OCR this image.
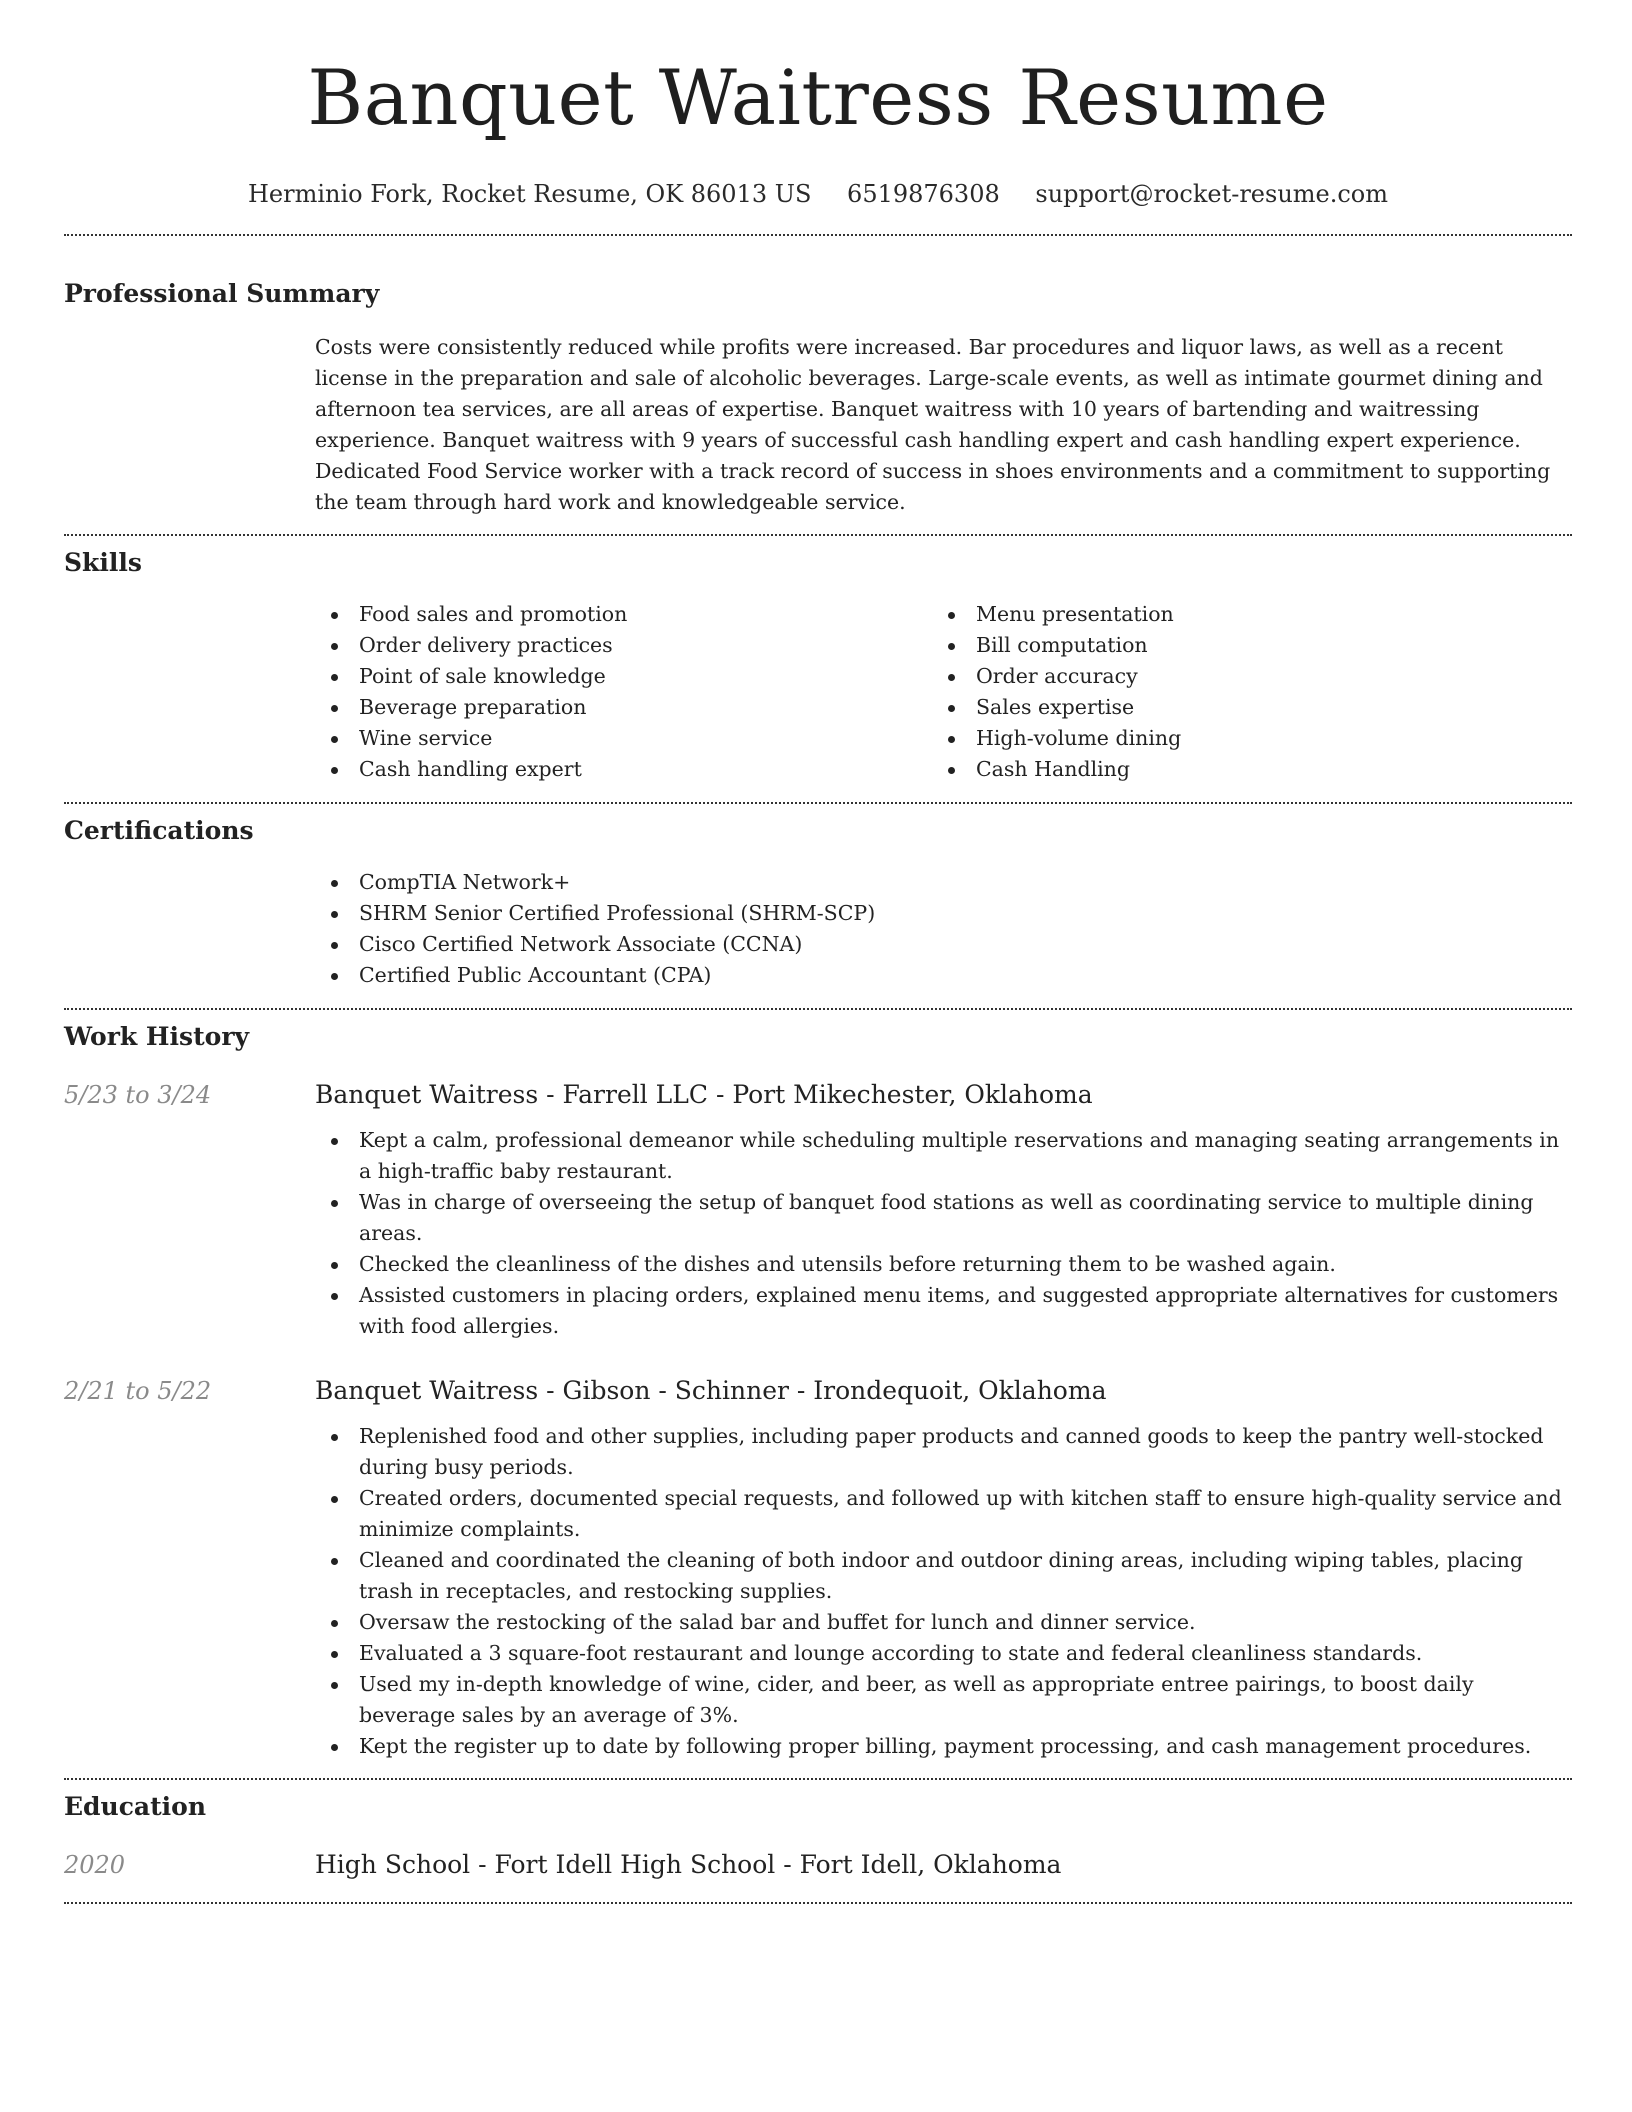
Banquet Waitress Resume
Herminio Fork, Rocket Resume, OK 86013 US 6519876308 support@rocket-resume.com
Professional Summary

Costs were consistently reduced while profits were increased. Bar procedures and liquor laws, as well as a recent license in the preparation and sale of alcoholic beverages. Large-scale events, as well as intimate gourmet dining and afternoon tea services, are all areas of expertise. Banquet waitress with 10 years of bartending and waitressing experience. Banquet waitress with 9 years of successful cash handling expert and cash handling expert experience. Dedicated Food Service worker with a track record of success in shoes environments and a commitment to supporting the team through hard work and knowledgeable service.

Skills
Food sales and promotion
Order delivery practices
Point of sale knowledge
Beverage preparation
Wine service
Cash handling expert
Menu presentation
Bill computation
Order accuracy
Sales expertise
High-volume dining
Cash Handling
Certifications
CompTIA Network+
SHRM Senior Certified Professional (SHRM-SCP)
Cisco Certified Network Associate (CCNA)
Certified Public Accountant (CPA)
Work History
5/23 to 3/24	Banquet Waitress - Farrell LLC - Port Mikechester, Oklahoma
Kept a calm, professional demeanor while scheduling multiple reservations and managing seating arrangements in a high-traffic baby restaurant.
Was in charge of overseeing the setup of banquet food stations as well as coordinating service to multiple dining areas.
Checked the cleanliness of the dishes and utensils before returning them to be washed again.
Assisted customers in placing orders, explained menu items, and suggested appropriate alternatives for customers with food allergies.
2/21 to 5/22	Banquet Waitress - Gibson - Schinner - Irondequoit, Oklahoma
Replenished food and other supplies, including paper products and canned goods to keep the pantry well-stocked during busy periods.
Created orders, documented special requests, and followed up with kitchen staff to ensure high-quality service and minimize complaints.
Cleaned and coordinated the cleaning of both indoor and outdoor dining areas, including wiping tables, placing trash in receptacles, and restocking supplies.
Oversaw the restocking of the salad bar and buffet for lunch and dinner service.
Evaluated a 3 square-foot restaurant and lounge according to state and federal cleanliness standards.
Used my in-depth knowledge of wine, cider, and beer, as well as appropriate entree pairings, to boost daily beverage sales by an average of 3%.
Kept the register up to date by following proper billing, payment processing, and cash management procedures.
Education
2020	High School - Fort Idell High School - Fort Idell, Oklahoma
